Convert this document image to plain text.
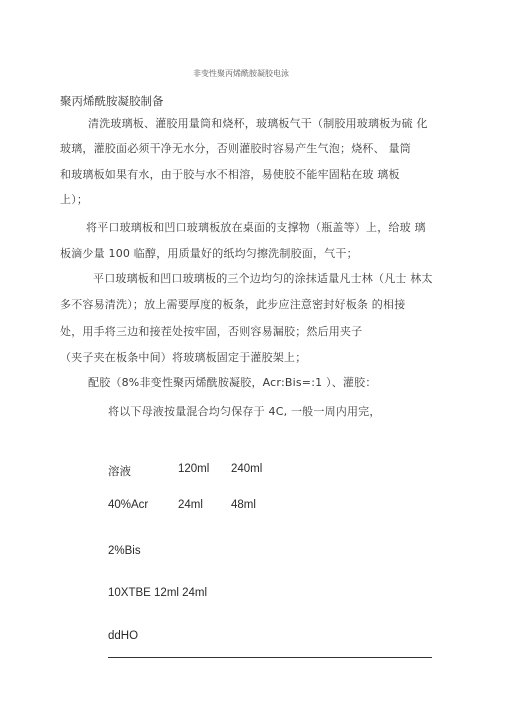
非变性聚丙烯酰胺凝胶电泳
聚丙烯酰胺凝胶制备
清洗玻璃板、灌胶用量筒和烧杯，玻璃板气干（制胶用玻璃板为硫 化
玻璃，灌胶面必须干净无水分，否则灌胶时容易产生气泡；烧杯、 量筒
和玻璃板如果有水，由于胶与水不相溶，易使胶不能牢固粘在玻 璃板
上）；
将平口玻璃板和凹口玻璃板放在桌面的支撑物（瓶盖等）上，给玻 璃
板滴少量 100 临醇，用质量好的纸均匀擦洗制胶面，气干；
平口玻璃板和凹口玻璃板的三个边均匀的涂抹适量凡士林（凡士 林太
多不容易清洗）；放上需要厚度的板条，此步应注意密封好板条 的相接
处，用手将三边和接茬处按牢固，否则容易漏胶；然后用夹子
（夹子夹在板条中间）将玻璃板固定于灌胶架上；
配胶（8%非变性聚丙烯酰胺凝胶，Acr:Bis=:1 ）、灌胶：
将以下母液按量混合均匀保存于 4C, 一般一周内用完，
溶液	120ml 240ml
40%Acr	24ml 48ml
2%Bis
10XTBE 12ml 24ml
ddHO
